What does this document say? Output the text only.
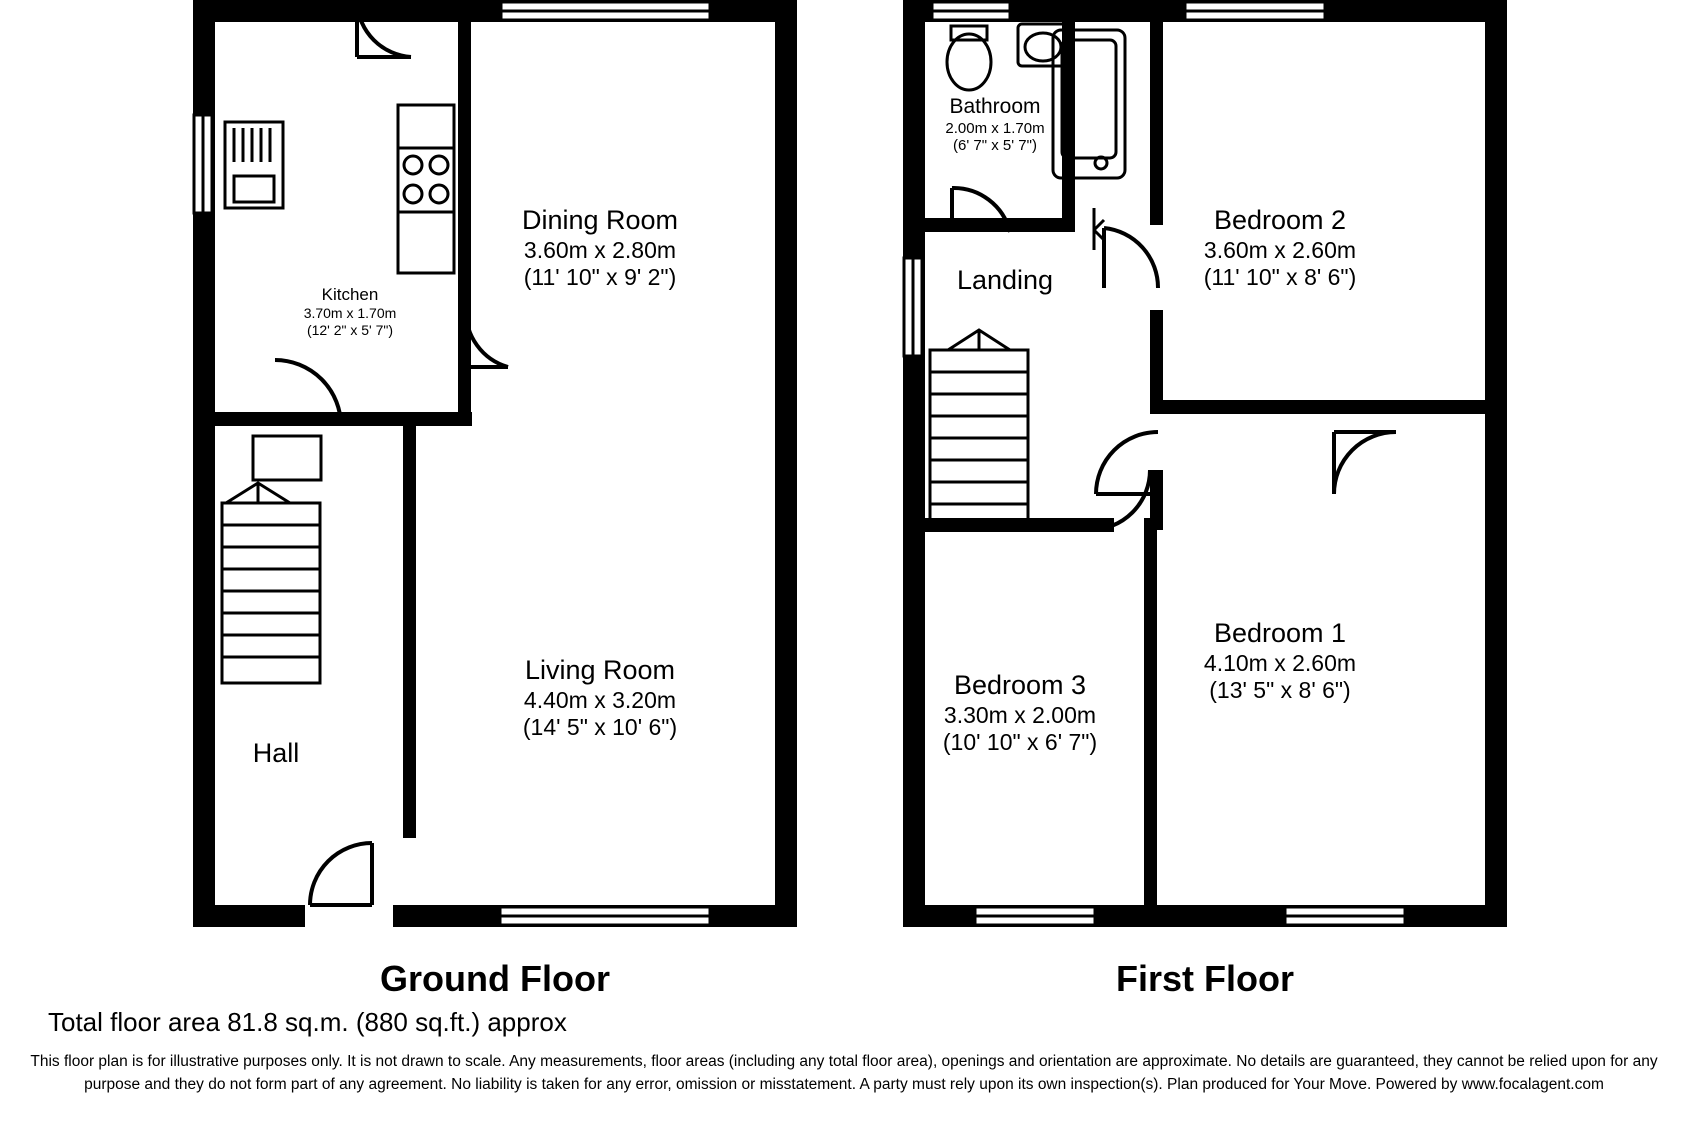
Dining Room
3.60m x 2.80m
(11' 10" x 9' 2")
Kitchen
3.70m x 1.70m
(12' 2" x 5' 7")
Living Room
4.40m x 3.20m
(14' 5" x 10' 6")
Hall
Bathroom
2.00m x 1.70m
(6' 7" x 5' 7")
Bedroom 2
3.60m x 2.60m
(11' 10" x 8' 6")
Landing
Bedroom 1
4.10m x 2.60m
(13' 5" x 8' 6")
Bedroom 3
3.30m x 2.00m
(10' 10" x 6' 7")
Ground Floor	First Floor
Total floor area 81.8 sq.m. (880 sq.ft.) approx
This floor plan is for illustrative purposes only. It is not drawn to scale. Any measurements, floor areas (including any total floor area), openings and orientation are approximate. No details are guaranteed, they cannot be relied upon for any purpose and they do not form part of any agreement. No liability is taken for any error, omission or misstatement. A party must rely upon its own inspection(s). Plan produced for Your Move. Powered by www.focalagent.com
